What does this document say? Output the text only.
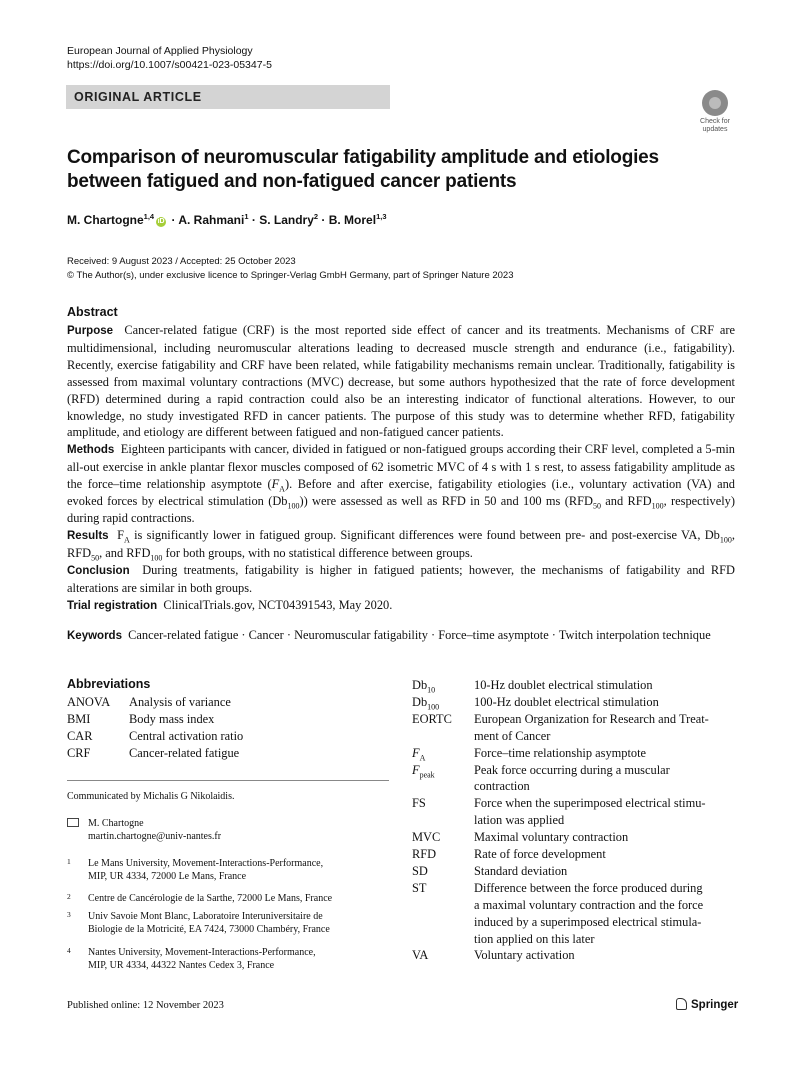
European Journal of Applied Physiology
https://doi.org/10.1007/s00421-023-05347-5
ORIGINAL ARTICLE
Check for
updates
Comparison of neuromuscular fatigability amplitude and etiologies
between fatigued and non-fatigued cancer patients
M. Chartogne$^{1,4}$iD · A. Rahmani$^1$ · S. Landry$^2$ · B. Morel$^{1,3}$
Received: 9 August 2023 / Accepted: 25 October 2023
© The Author(s), under exclusive licence to Springer-Verlag GmbH Germany, part of Springer Nature 2023
Abstract

Purpose Cancer-related fatigue (CRF) is the most reported side effect of cancer and its treatments. Mechanisms of CRF are multidimensional, including neuromuscular alterations leading to decreased muscle strength and endurance (i.e., fatigability). Recently, exercise fatigability and CRF have been related, while fatigability mechanisms remain unclear. Traditionally, fatigability is assessed from maximal voluntary contractions (MVC) decrease, but some authors hypothesized that the rate of force development (RFD) determined during a rapid contraction could also be an interesting indicator of functional alterations. However, to our knowledge, no study investigated RFD in cancer patients. The purpose of this study was to determine whether RFD, fatigability amplitude, and etiology are different between fatigued and non-fatigued cancer patients.

Methods Eighteen participants with cancer, divided in fatigued or non-fatigued groups according their CRF level, completed a 5-min all-out exercise in ankle plantar flexor muscles composed of 62 isometric MVC of 4 s with 1 s rest, to assess fatigability amplitude as the force–time relationship asymptote $(F_A)$. Before and after exercise, fatigability etiologies (i.e., voluntary activation (VA) and evoked forces by electrical stimulation $(Db_{100})$) were assessed as well as RFD in 50 and 100 ms ($RFD_{50}$ and $RFD_{100}$, respectively) during rapid contractions.

Results $F_A$ is significantly lower in fatigued group. Significant differences were found between pre- and post-exercise VA, $Db_{100}$, $RFD_{50}$, and $RFD_{100}$ for both groups, with no statistical difference between groups.

Conclusion During treatments, fatigability is higher in fatigued patients; however, the mechanisms of fatigability and RFD alterations are similar in both groups.

Trial registration ClinicalTrials.gov, NCT04391543, May 2020.

Keywords Cancer-related fatigue · Cancer · Neuromuscular fatigability · Force–time asymptote · Twitch interpolation technique
Abbreviations
ANOVA Analysis of variance
BMI	Body mass index
CAR	Central activation ratio
CRF	Cancer-related fatigue
$Db_{10}$	10-Hz doublet electrical stimulation
$Db_{100}$	100-Hz doublet electrical stimulation
EORTC European Organization for Research and Treat-
ment of Cancer
$F_A$	Force–time relationship asymptote
$F_{peak}$	Peak force occurring during a muscular
contraction
FS	Force when the superimposed electrical stimu-
lation was applied
MVC	Maximal voluntary contraction
RFD	Rate of force development
SD	Standard deviation
ST	Difference between the force produced during
a maximal voluntary contraction and the force
induced by a superimposed electrical stimula-
tion applied on this later
VA	Voluntary activation
Communicated by Michalis G Nikolaidis.
M. Chartogne
martin.chartogne@univ-nantes.fr
1 Le Mans University, Movement-Interactions-Performance,
MIP, UR 4334, 72000 Le Mans, France
2 Centre de Cancérologie de la Sarthe, 72000 Le Mans, France
3 Univ Savoie Mont Blanc, Laboratoire Interuniversitaire de
Biologie de la Motricité, EA 7424, 73000 Chambéry, France
4 Nantes University, Movement-Interactions-Performance,
MIP, UR 4334, 44322 Nantes Cedex 3, France
Published online: 12 November 2023	Springer
